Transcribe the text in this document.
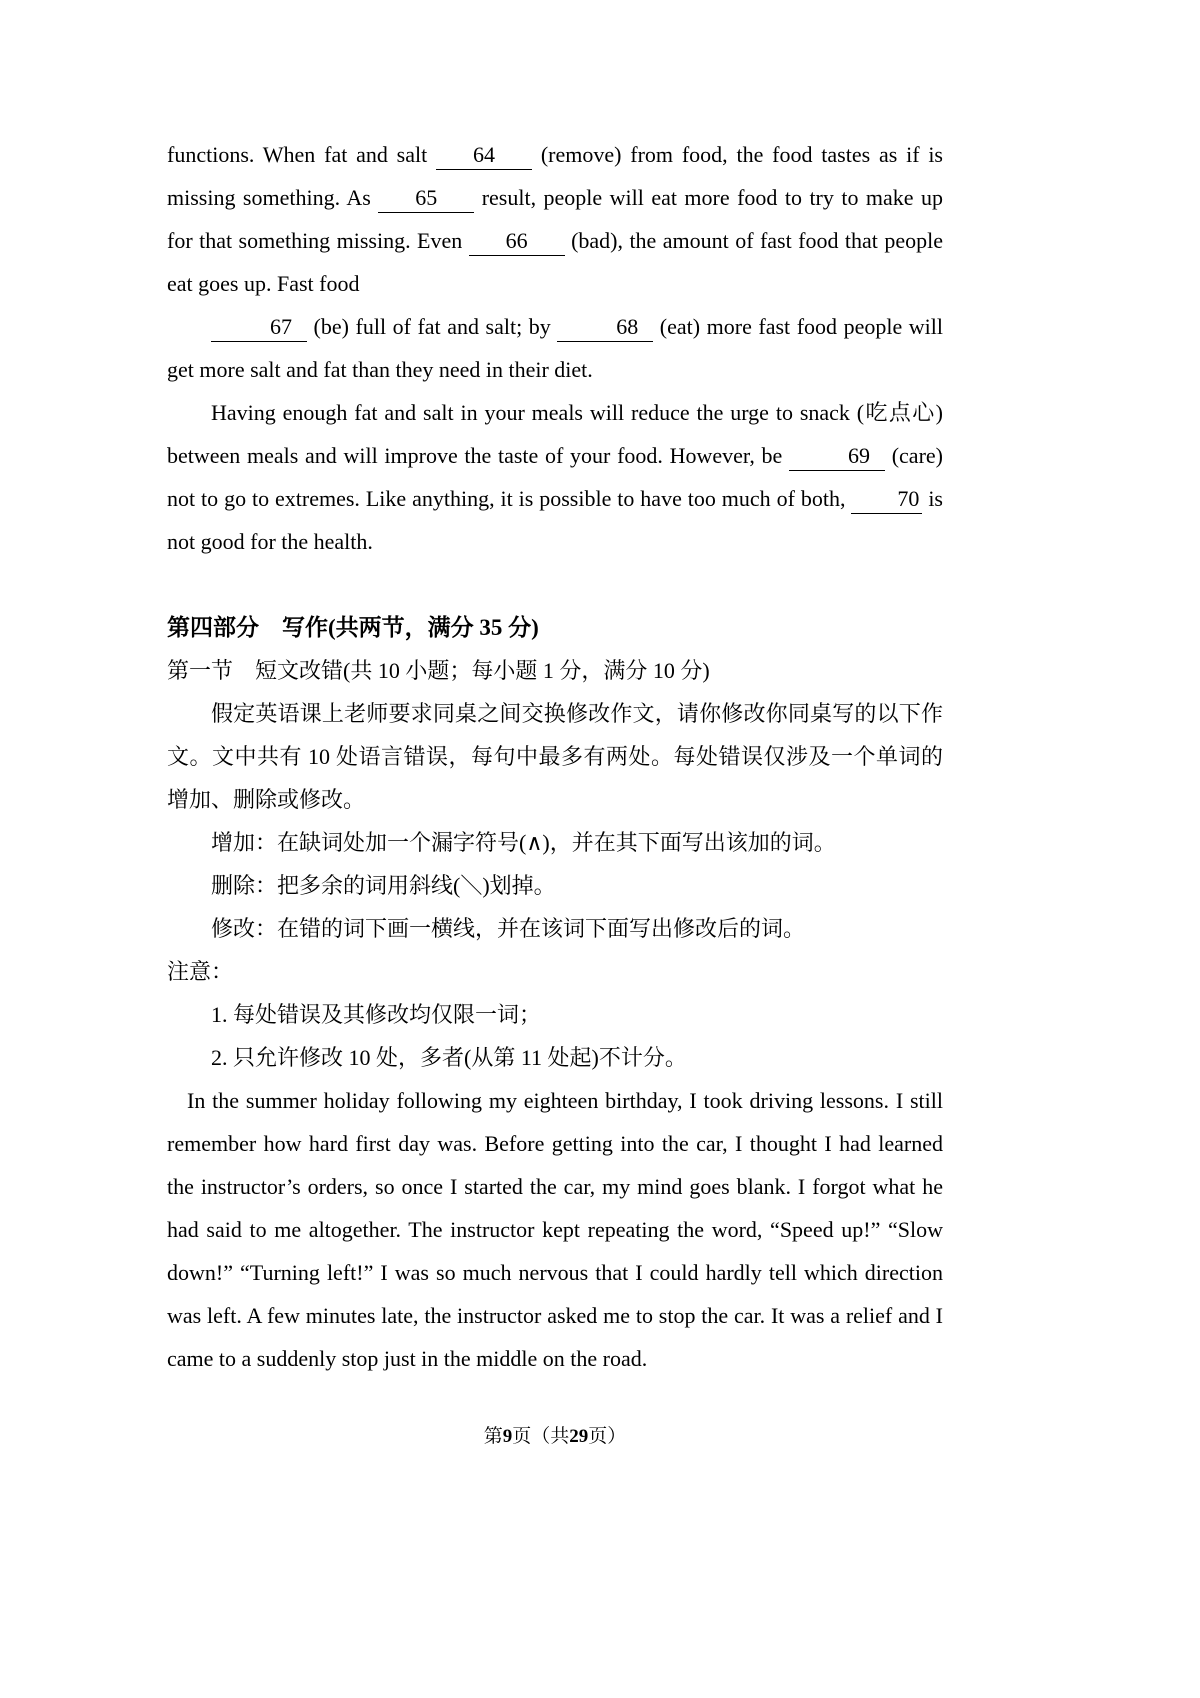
functions. When fat and salt 64 (remove) from food, the food tastes as if is missing something. As 65 result, people will eat more food to try to make up for that something missing. Even 66 (bad), the amount of fast food that people eat goes up. Fast food

67 (be) full of fat and salt; by	68 (eat) more fast food people will get more salt and fat than they need in their diet.

Having enough fat and salt in your meals will reduce the urge to snack (吃点心) between meals and will improve the taste of your food. However, be	69 (care) not to go to extremes. Like anything, it is possible to have too much of both, 70 is not good for the health.

第四部分　写作(共两节，满分 35 分)

第一节　短文改错(共 10 小题；每小题 1 分，满分 10 分)

假定英语课上老师要求同桌之间交换修改作文，请你修改你同桌写的以下作文。文中共有 10 处语言错误，每句中最多有两处。每处错误仅涉及一个单词的增加、删除或修改。

增加：在缺词处加一个漏字符号(∧)，并在其下面写出该加的词。

删除：把多余的词用斜线(＼)划掉。

修改：在错的词下画一横线，并在该词下面写出修改后的词。

注意：

1. 每处错误及其修改均仅限一词；

2. 只允许修改 10 处，多者(从第 11 处起)不计分。

In the summer holiday following my eighteen birthday, I took driving lessons. I still remember how hard first day was. Before getting into the car, I thought I had learned the instructor’s orders, so once I started the car, my mind goes blank. I forgot what he had said to me altogether. The instructor kept repeating the word, “Speed up!” “Slow down!” “Turning left!” I was so much nervous that I could hardly tell which direction was left. A few minutes late, the instructor asked me to stop the car. It was a relief and I came to a suddenly stop just in the middle on the road.

第9页（共29页）
